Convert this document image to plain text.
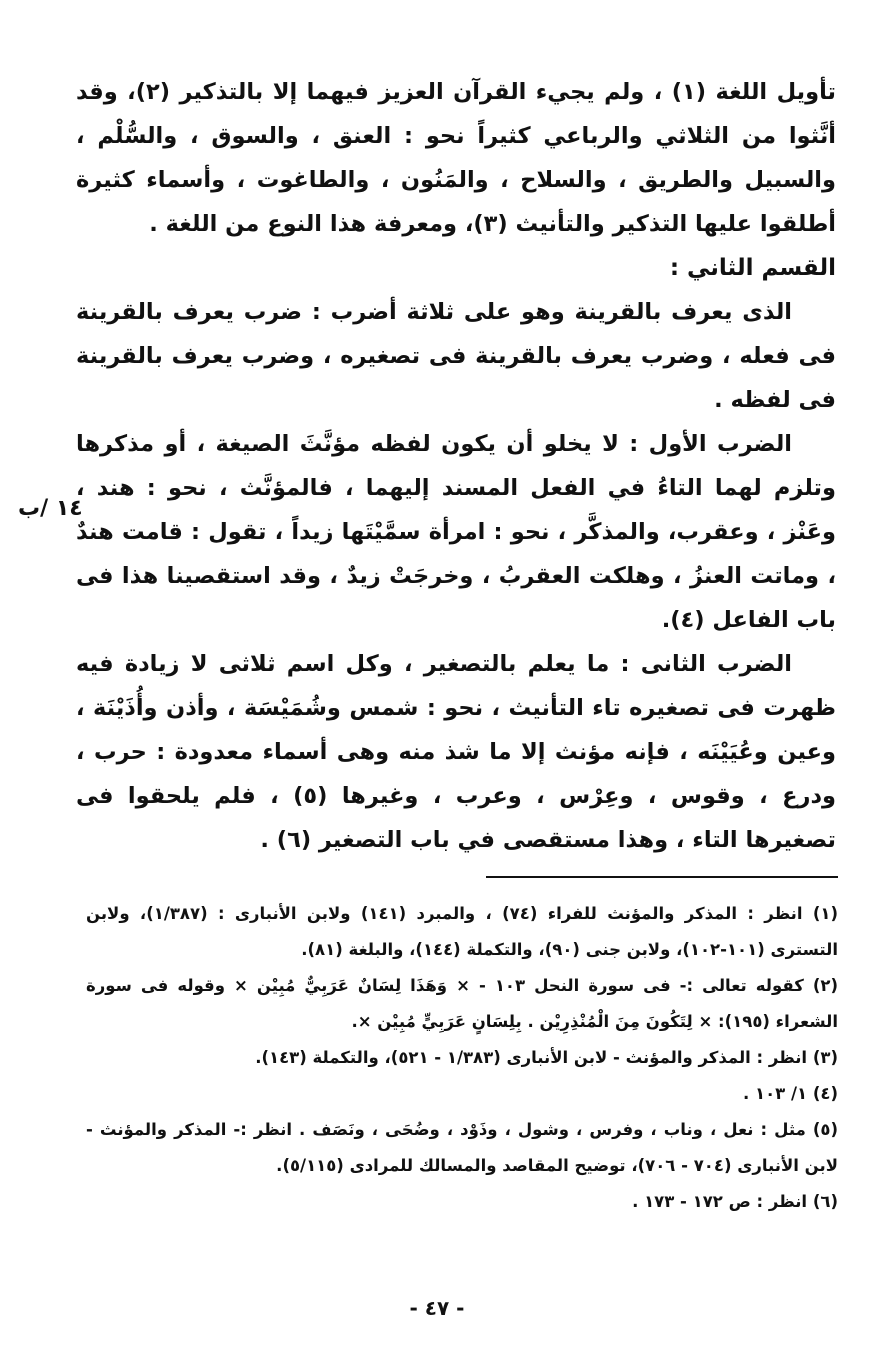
تأويل اللغة (١) ، ولم يجيء القرآن العزيز فيهما إلا بالتذكير (٢)، وقد أنَّثوا من الثلاثي والرباعي كثيراً نحو : العنق ، والسوق ، والسُّلْم ، والسبيل والطريق ، والسلاح ، والمَنُون ، والطاغوت ، وأسماء كثيرة أطلقوا عليها التذكير والتأنيث (٣)، ومعرفة هذا النوع من اللغة .

القسم الثاني :

الذى يعرف بالقرينة وهو على ثلاثة أضرب : ضرب يعرف بالقرينة فى فعله ، وضرب يعرف بالقرينة فى تصغيره ، وضرب يعرف بالقرينة فى لفظه .

الضرب الأول : لا يخلو أن يكون لفظه مؤنَّثَ الصيغة ، أو مذكرها وتلزم لهما التاءُ في الفعل المسند إليهما ، فالمؤنَّث ، نحو : هند ، وعَنْز ، وعقرب، والمذكَّر ، نحو : امرأة سمَّيْتَها زيداً ، تقول : قامت هندٌ ، وماتت العنزُ ، وهلكت العقربُ ، وخرجَتْ زيدٌ ، وقد استقصينا هذا فى باب الفاعل (٤).

الضرب الثانى : ما يعلم بالتصغير ، وكل اسم ثلاثى لا زيادة فيه ظهرت فى تصغيره تاء التأنيث ، نحو : شمس وشُمَيْسَة ، وأذن وأُذَيْنَة ، وعين وعُيَيْنَه ، فإنه مؤنث إلا ما شذ منه وهى أسماء معدودة : حرب ، ودرع ، وقوس ، وعِرْس ، وعرب ، وغيرها (٥) ، فلم يلحقوا فى تصغيرها التاء ، وهذا مستقصى في باب التصغير (٦) .

١٤ /ب

(١) انظر : المذكر والمؤنث للفراء (٧٤) ، والمبرد (١٤١) ولابن الأنبارى : (١/٣٨٧)، ولابن التسترى (١٠١-١٠٢)، ولابن جنى (٩٠)، والتكملة (١٤٤)، والبلغة (٨١).

(٢) كقوله تعالى :- فى سورة النحل ١٠٣ - × وَهَذَا لِسَانٌ عَرَبِيٌّ مُبِيْن × وقوله فى سورة الشعراء (١٩٥): × لِتَكُونَ مِنَ الْمُنْذِرِيْن . بِلِسَانٍ عَرَبِيٍّ مُبِيْن ×.

(٣) انظر : المذكر والمؤنث - لابن الأنبارى (١/٣٨٣ - ٥٢١)، والتكملة (١٤٣).

(٤) ١/ ١٠٣ .

(٥) مثل : نعل ، وناب ، وفرس ، وشول ، وذَوْد ، وضُحَى ، ونَصَف . انظر :- المذكر والمؤنث - لابن الأنبارى (٧٠٤ - ٧٠٦)، توضيح المقاصد والمسالك للمرادى (٥/١١٥).

(٦) انظر : ص ١٧٢ - ١٧٣ .

- ٤٧ -
